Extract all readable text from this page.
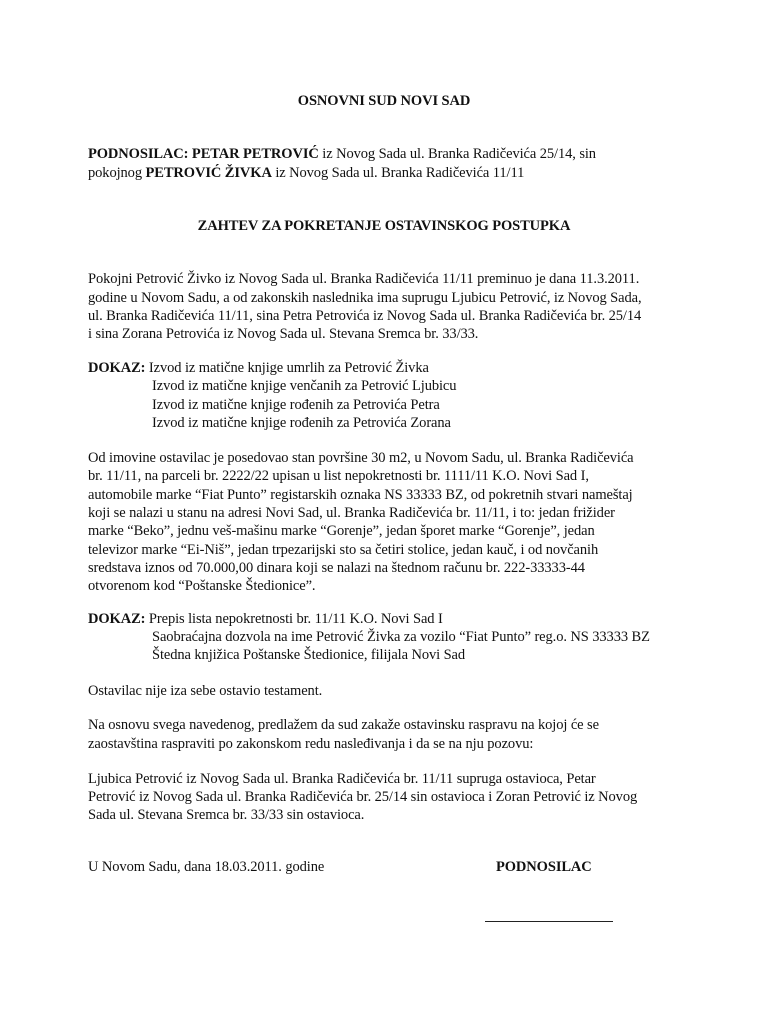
OSNOVNI SUD NOVI SAD
PODNOSILAC: PETAR PETROVIĆ iz Novog Sada ul. Branka Radičevića 25/14, sin
pokojnog PETROVIĆ ŽIVKA iz Novog Sada ul. Branka Radičevića 11/11
ZAHTEV ZA POKRETANJE OSTAVINSKOG POSTUPKA
Pokojni Petrović Živko iz Novog Sada ul. Branka Radičevića 11/11 preminuo je dana 11.3.2011.
godine u Novom Sadu, a od zakonskih naslednika ima suprugu Ljubicu Petrović, iz Novog Sada,
ul. Branka Radičevića 11/11, sina Petra Petrovića iz Novog Sada ul. Branka Radičevića br. 25/14
i sina Zorana Petrovića iz Novog Sada ul. Stevana Sremca br. 33/33.
DOKAZ: Izvod iz matične knjige umrlih za Petrović Živka
Izvod iz matične knjige venčanih za Petrović Ljubicu
Izvod iz matične knjige rođenih za Petrovića Petra
Izvod iz matične knjige rođenih za Petrovića Zorana
Od imovine ostavilac je posedovao stan površine 30 m2, u Novom Sadu, ul. Branka Radičevića
br. 11/11, na parceli br. 2222/22 upisan u list nepokretnosti br. 1111/11 K.O. Novi Sad I,
automobile marke “Fiat Punto” registarskih oznaka NS 33333 BZ, od pokretnih stvari nameštaj
koji se nalazi u stanu na adresi Novi Sad, ul. Branka Radičevića br. 11/11, i to: jedan frižider
marke “Beko”, jednu veš-mašinu marke “Gorenje”, jedan šporet marke “Gorenje”, jedan
televizor marke “Ei-Niš”, jedan trpezarijski sto sa četiri stolice, jedan kauč, i od novčanih
sredstava iznos od 70.000,00 dinara koji se nalazi na štednom računu br. 222-33333-44
otvorenom kod “Poštanske Štedionice”.
DOKAZ: Prepis lista nepokretnosti br. 11/11 K.O. Novi Sad I
Saobraćajna dozvola na ime Petrović Živka za vozilo “Fiat Punto” reg.o. NS 33333 BZ
Štedna knjižica Poštanske Štedionice, filijala Novi Sad
Ostavilac nije iza sebe ostavio testament.
Na osnovu svega navedenog, predlažem da sud zakaže ostavinsku raspravu na kojoj će se
zaostavština raspraviti po zakonskom redu nasleđivanja i da se na nju pozovu:
Ljubica Petrović iz Novog Sada ul. Branka Radičevića br. 11/11 supruga ostavioca, Petar
Petrović iz Novog Sada ul. Branka Radičevića br. 25/14 sin ostavioca i Zoran Petrović iz Novog
Sada ul. Stevana Sremca br. 33/33 sin ostavioca.
U Novom Sadu, dana 18.03.2011. godine	PODNOSILAC
